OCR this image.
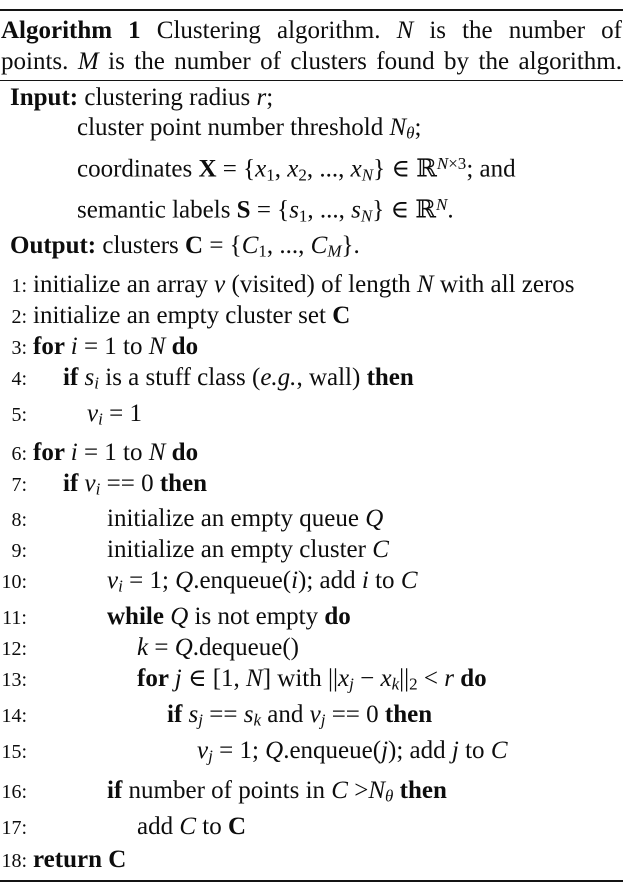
Algorithm 1 Clustering algorithm. N is the number of
points. M is the number of clusters found by the algorithm.
Input: clustering radius r;
cluster point number threshold Nθ;
coordinates X = {x1, x2, ..., xN} ∈ ℝ$^{N\times 3}$; and
semantic labels S = {s1, ..., sN} ∈ ℝ$^N$.
Output: clusters C = {C1, ..., CM}.
1: initialize an array v (visited) of length N with all zeros
2: initialize an empty cluster set C
3: for i = 1 to N do
4:	if si is a stuff class (e.g., wall) then
5:	vi = 1
6: for i = 1 to N do
7:	if vi == 0 then
8:	initialize an empty queue Q
9:	initialize an empty cluster C
10:	vi = 1; Q.enqueue(i); add i to C
11:	while Q is not empty do
12:	k = Q.dequeue()
13:	for j ∈ [1, N] with ||xj − xk||2 < r do
14:	if sj == sk and vj == 0 then
15:	vj = 1; Q.enqueue(j); add j to C
16:	if number of points in C >Nθ then
17:	add C to C
18: return C
